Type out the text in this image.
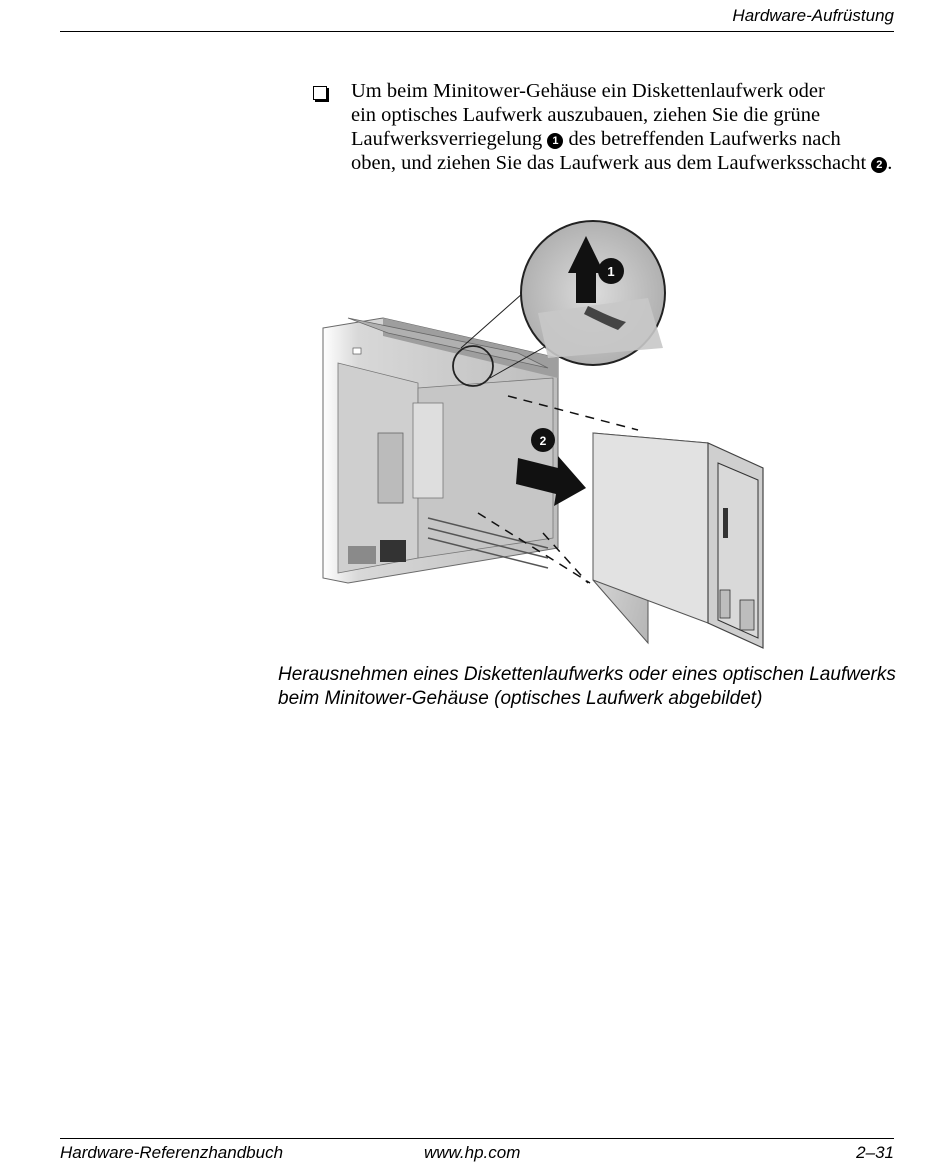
Hardware-Aufrüstung
Um beim Minitower-Gehäuse ein Diskettenlaufwerk oder
ein optisches Laufwerk auszubauen, ziehen Sie die grüne
Laufwerksverriegelung 1 des betreffenden Laufwerks nach
oben, und ziehen Sie das Laufwerk aus dem Laufwerksschacht 2 .
1
2
Herausnehmen eines Diskettenlaufwerks oder eines optischen Laufwerks
beim Minitower-Gehäuse (optisches Laufwerk abgebildet)
Hardware-Referenzhandbuch	www.hp.com	2–31
